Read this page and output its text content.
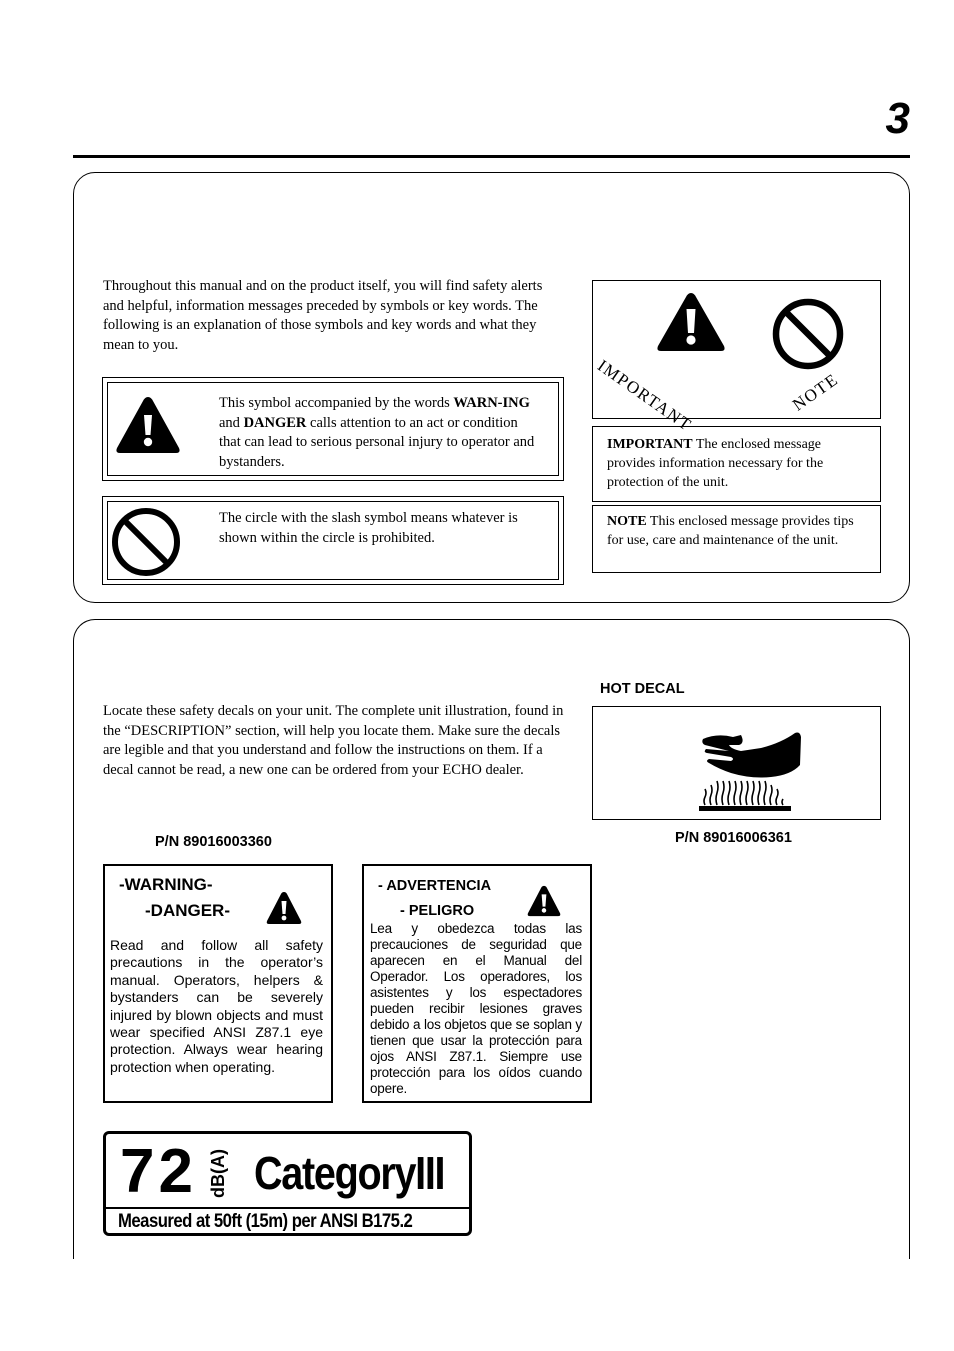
3
Throughout this manual and on the product itself, you will find safety alerts and helpful, information messages preceded by symbols or key words. The following is an explanation of those symbols and key words and what they mean to you.
This symbol accompanied by the words WARN-ING and DANGER calls attention to an act or condition that can lead to serious personal injury to operator and bystanders.
The circle with the slash symbol means whatever is shown within the circle is prohibited.
IMPORTANT	NOTE
IMPORTANT The enclosed message provides information necessary for the protection of the unit.
NOTE This enclosed message provides tips for use, care and maintenance of the unit.
HOT DECAL
Locate these safety decals on your unit. The complete unit illustration, found in the “DESCRIPTION” section, will help you locate them. Make sure the decals are legible and that you understand and follow the instructions on them. If a decal cannot be read, a new one can be ordered from your ECHO dealer.
P/N 89016006361
P/N 89016003360
-WARNING-
-DANGER-
Read and follow all safety precautions in the operator’s manual. Operators, helpers & bystanders can be severely injured by blown objects and must wear specified ANSI Z87.1 eye protection. Always wear hearing protection when operating.
- ADVERTENCIA
- PELIGRO
Lea y obedezca todas las precauciones de seguridad que aparecen en el Manual del Operador. Los operadores, los asistentes y los espectadores pueden recibir lesiones graves debido a los objetos que se soplan y tienen que usar la protección para ojos ANSI Z87.1. Siempre use protección para los oídos cuando opere.
72 dB(A) CategoryIII
Measured at 50ft (15m) per ANSI B175.2
